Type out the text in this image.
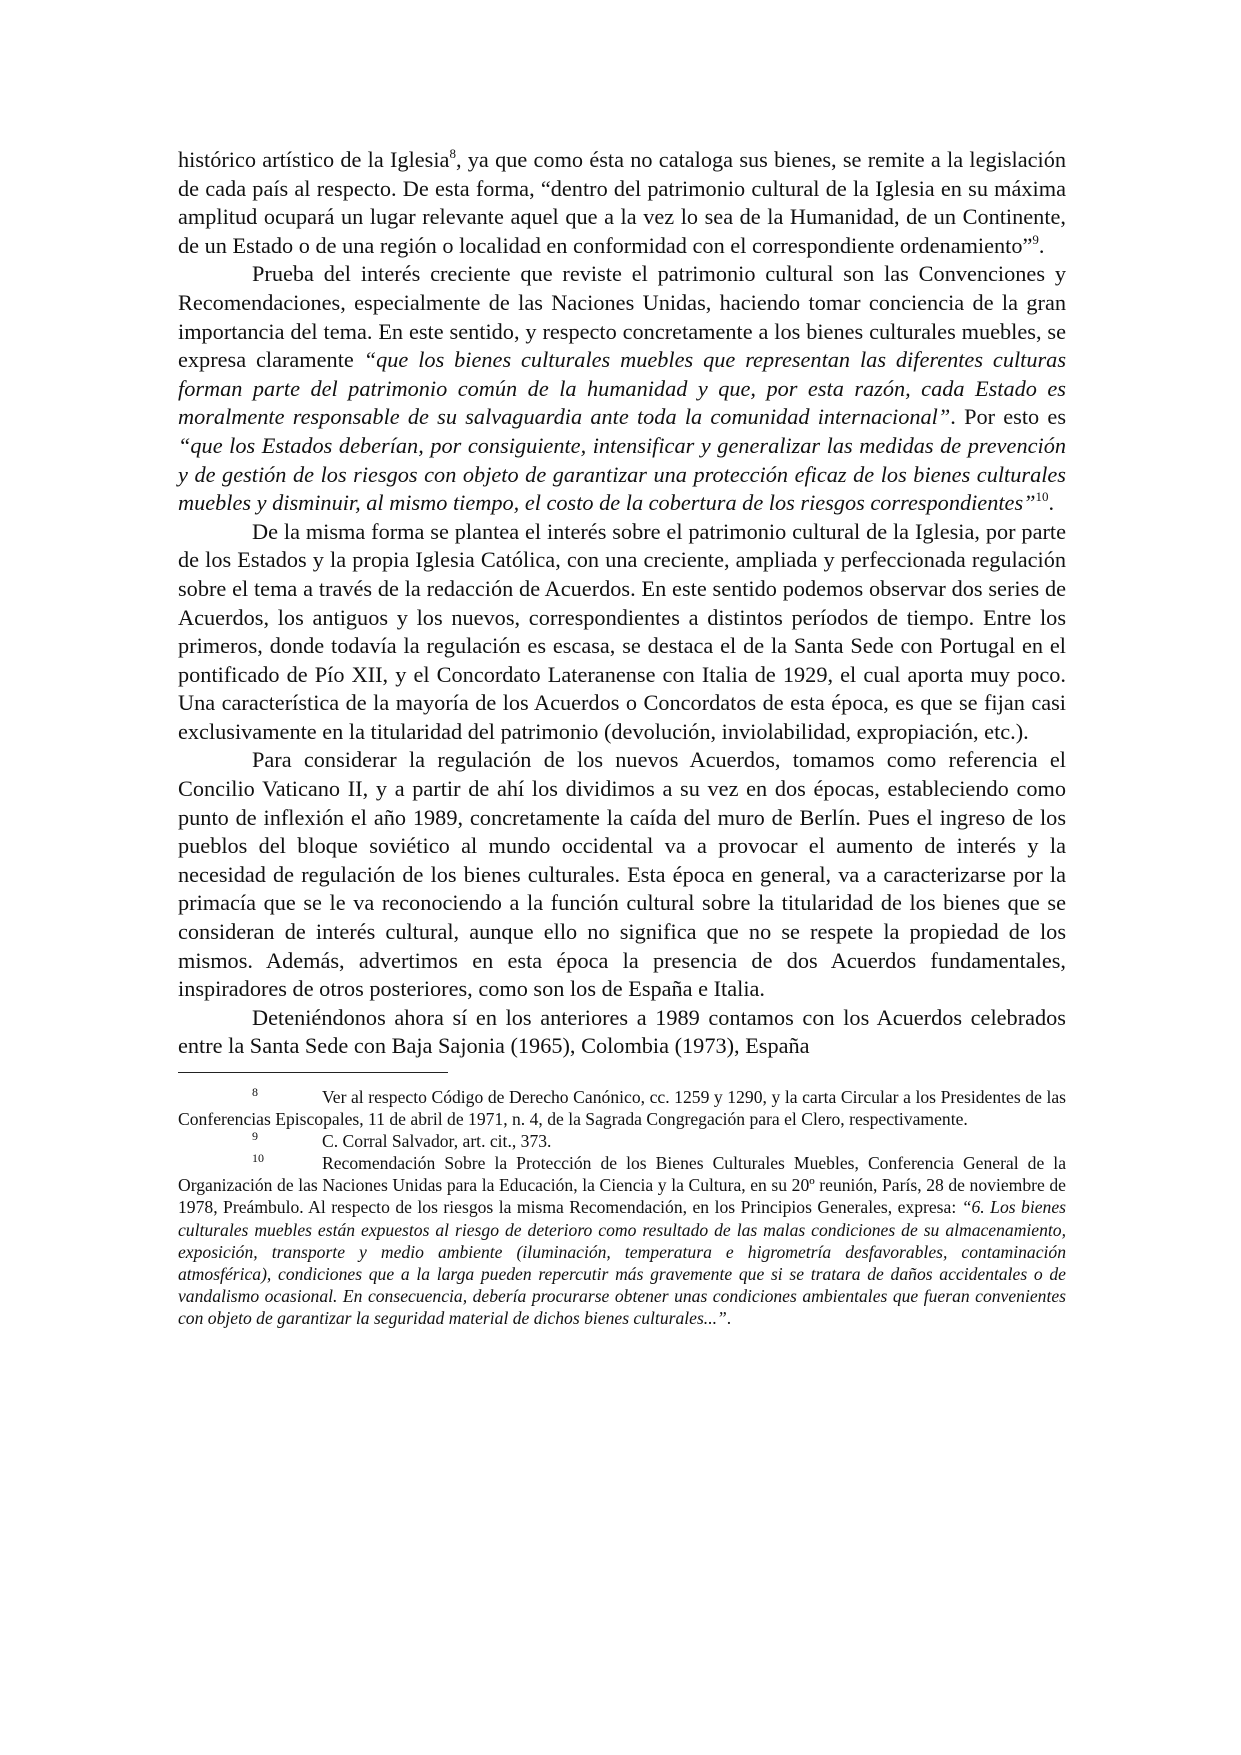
histórico artístico de la Iglesia$^8$, ya que como ésta no cataloga sus bienes, se remite a la legislación de cada país al respecto. De esta forma, “dentro del patrimonio cultural de la Iglesia en su máxima amplitud ocupará un lugar relevante aquel que a la vez lo sea de la Humanidad, de un Continente, de un Estado o de una región o localidad en conformidad con el correspondiente ordenamiento”$^9$.

Prueba del interés creciente que reviste el patrimonio cultural son las Convenciones y Recomendaciones, especialmente de las Naciones Unidas, haciendo tomar conciencia de la gran importancia del tema. En este sentido, y respecto concretamente a los bienes culturales muebles, se expresa claramente “que los bienes culturales muebles que representan las diferentes culturas forman parte del patrimonio común de la humanidad y que, por esta razón, cada Estado es moralmente responsable de su salvaguardia ante toda la comunidad internacional”. Por esto es “que los Estados deberían, por consiguiente, intensificar y generalizar las medidas de prevención y de gestión de los riesgos con objeto de garantizar una protección eficaz de los bienes culturales muebles y disminuir, al mismo tiempo, el costo de la cobertura de los riesgos correspondientes”$^{10}$.

De la misma forma se plantea el interés sobre el patrimonio cultural de la Iglesia, por parte de los Estados y la propia Iglesia Católica, con una creciente, ampliada y perfeccionada regulación sobre el tema a través de la redacción de Acuerdos. En este sentido podemos observar dos series de Acuerdos, los antiguos y los nuevos, correspondientes a distintos períodos de tiempo. Entre los primeros, donde todavía la regulación es escasa, se destaca el de la Santa Sede con Portugal en el pontificado de Pío XII, y el Concordato Lateranense con Italia de 1929, el cual aporta muy poco. Una característica de la mayoría de los Acuerdos o Concordatos de esta época, es que se fijan casi exclusivamente en la titularidad del patrimonio (devolución, inviolabilidad, expropiación, etc.).

Para considerar la regulación de los nuevos Acuerdos, tomamos como referencia el Concilio Vaticano II, y a partir de ahí los dividimos a su vez en dos épocas, estableciendo como punto de inflexión el año 1989, concretamente la caída del muro de Berlín. Pues el ingreso de los pueblos del bloque soviético al mundo occidental va a provocar el aumento de interés y la necesidad de regulación de los bienes culturales. Esta época en general, va a caracterizarse por la primacía que se le va reconociendo a la función cultural sobre la titularidad de los bienes que se consideran de interés cultural, aunque ello no significa que no se respete la propiedad de los mismos. Además, advertimos en esta época la presencia de dos Acuerdos fundamentales, inspiradores de otros posteriores, como son los de España e Italia.

Deteniéndonos ahora sí en los anteriores a 1989 contamos con los Acuerdos celebrados entre la Santa Sede con Baja Sajonia (1965), Colombia (1973), España

8	Ver al respecto Código de Derecho Canónico, cc. 1259 y 1290, y la carta Circular a los Presidentes de las Conferencias Episcopales, 11 de abril de 1971, n. 4, de la Sagrada Congregación para el Clero, respectivamente.

9	C. Corral Salvador, art. cit., 373.

10	Recomendación Sobre la Protección de los Bienes Culturales Muebles, Conferencia General de la Organización de las Naciones Unidas para la Educación, la Ciencia y la Cultura, en su 20º reunión, París, 28 de noviembre de 1978, Preámbulo. Al respecto de los riesgos la misma Recomendación, en los Principios Generales, expresa: “6. Los bienes culturales muebles están expuestos al riesgo de deterioro como resultado de las malas condiciones de su almacenamiento, exposición, transporte y medio ambiente (iluminación, temperatura e higrometría desfavorables, contaminación atmosférica), condiciones que a la larga pueden repercutir más gravemente que si se tratara de daños accidentales o de vandalismo ocasional. En consecuencia, debería procurarse obtener unas condiciones ambientales que fueran convenientes con objeto de garantizar la seguridad material de dichos bienes culturales...”.
